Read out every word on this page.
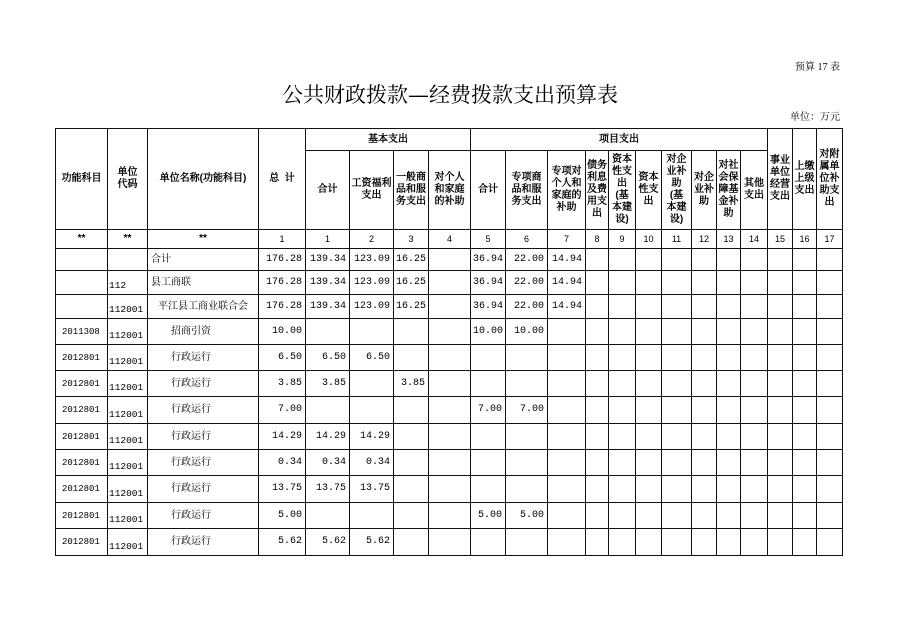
预算 17 表
公共财政拨款—经费拨款支出预算表
单位：万元
功能科目	单位代码	单位名称(功能科目)	总  计	基本支出				项目支出										事业单位经营支出	上缴上级支出	对附属单位补助支出
				合计	工资福利支出	一般商品和服务支出	对个人和家庭的补助	合计	专项商品和服务支出	专项对个人和家庭的补助	债务利息及费用支出	资本性支出(基本建设)	资本性支出	对企业补助(基本建设)	对企业补助	对社会保障基金补助	其他支出			
**	**	**	1	1	2	3	4	5	6	7	8	9	10	11	12	13	14	15	16	17
		合计	176.28	139.34	123.09	16.25		36.94	22.00	14.94										
	112	县工商联	176.28	139.34	123.09	16.25		36.94	22.00	14.94										
	112001	平江县工商业联合会	176.28	139.34	123.09	16.25		36.94	22.00	14.94										
2011308	112001	招商引资	10.00					10.00	10.00											
2012801	112001	行政运行	6.50	6.50	6.50															
2012801	112001	行政运行	3.85	3.85		3.85														
2012801	112001	行政运行	7.00					7.00	7.00											
2012801	112001	行政运行	14.29	14.29	14.29															
2012801	112001	行政运行	0.34	0.34	0.34															
2012801	112001	行政运行	13.75	13.75	13.75															
2012801	112001	行政运行	5.00					5.00	5.00											
2012801	112001	行政运行	5.62	5.62	5.62															
